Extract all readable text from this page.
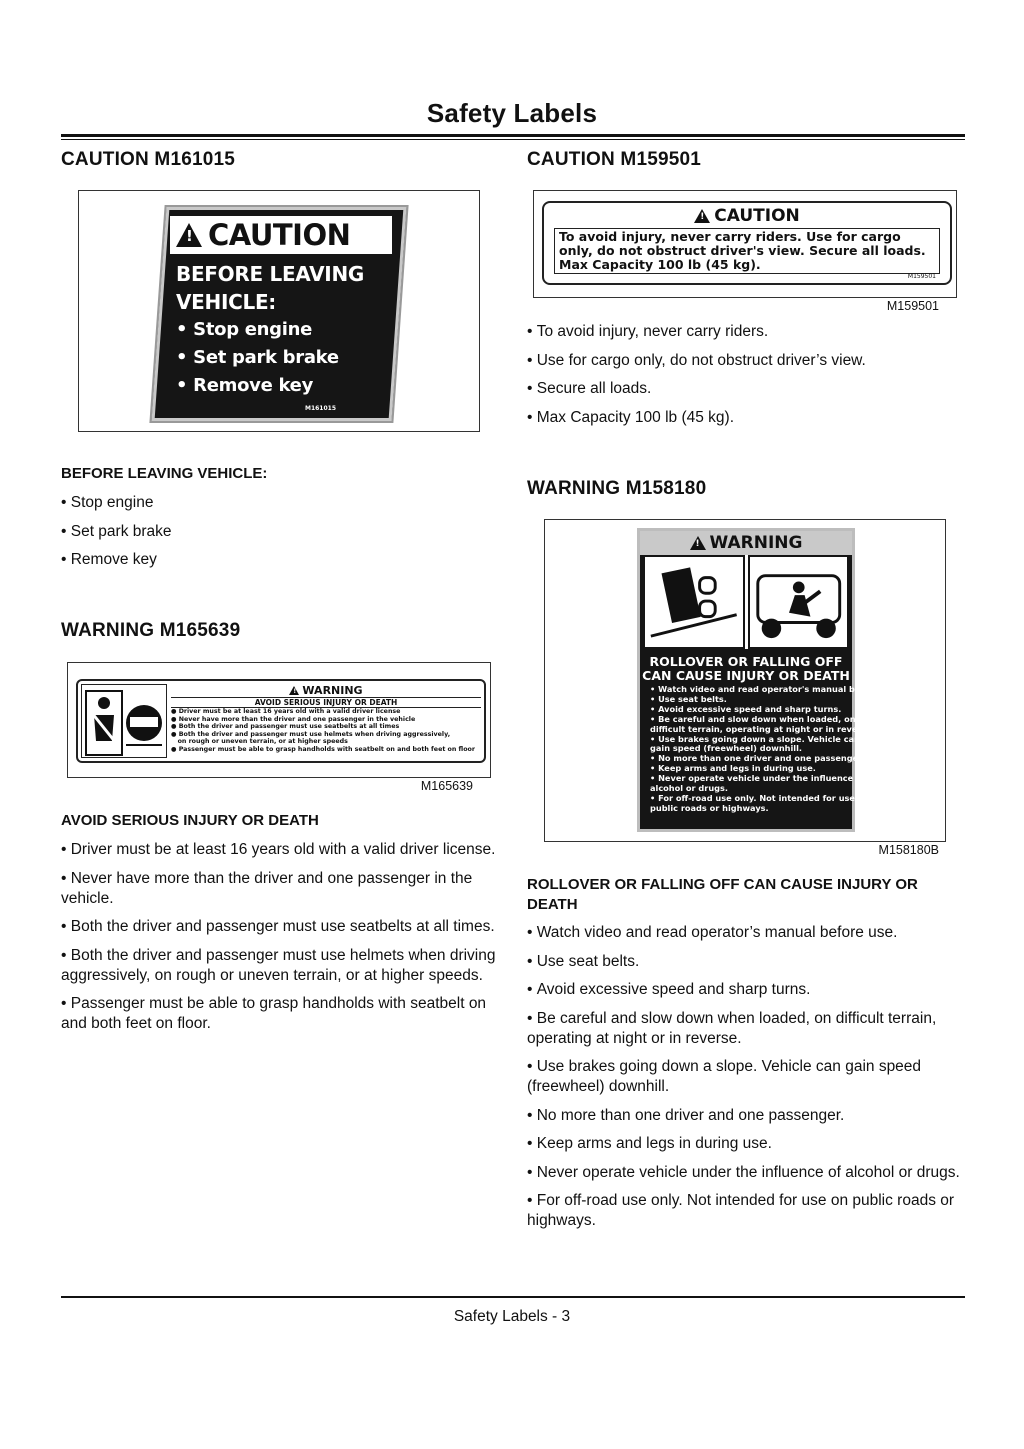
Safety Labels
CAUTION M161015
!
CAUTION
BEFORE LEAVING
VEHICLE:
• Stop engine
• Set park brake
• Remove key
M161015
BEFORE LEAVING VEHICLE:
• Stop engine
• Set park brake
• Remove key
WARNING M165639
!
WARNING
AVOID SERIOUS INJURY OR DEATH
● Driver must be at least 16 years old with a valid driver license
● Never have more than the driver and one passenger in the vehicle
● Both the driver and passenger must use seatbelts at all times
● Both the driver and passenger must use helmets when driving aggressively,
on rough or uneven terrain, or at higher speeds
● Passenger must be able to grasp handholds with seatbelt on and both feet on floor
M165639
AVOID SERIOUS INJURY OR DEATH
• Driver must be at least 16 years old with a valid driver license.
• Never have more than the driver and one passenger in the vehicle.
• Both the driver and passenger must use seatbelts at all times.
• Both the driver and passenger must use helmets when driving aggressively, on rough or uneven terrain, or at higher speeds.
• Passenger must be able to grasp handholds with seatbelt on and both feet on floor.
CAUTION M159501
!
CAUTION
To avoid injury, never carry riders. Use for cargo only, do not obstruct driver's view. Secure all loads. Max Capacity 100 lb (45 kg).
M159501
M159501
• To avoid injury, never carry riders.
• Use for cargo only, do not obstruct driver’s view.
• Secure all loads.
• Max Capacity 100 lb (45 kg).
WARNING M158180
!
WARNING
ROLLOVER OR FALLING OFF
CAN CAUSE INJURY OR DEATH
• Watch video and read operator's manual before use.
• Use seat belts.
• Avoid excessive speed and sharp turns.
• Be careful and slow down when loaded, on
difficult terrain, operating at night or in reverse.
• Use brakes going down a slope. Vehicle can
gain speed (freewheel) downhill.
• No more than one driver and one passenger.
• Keep arms and legs in during use.
• Never operate vehicle under the influence of
alcohol or drugs.
• For off-road use only. Not intended for use on
public roads or highways.
M158180B
ROLLOVER OR FALLING OFF CAN CAUSE INJURY OR DEATH
• Watch video and read operator’s manual before use.
• Use seat belts.
• Avoid excessive speed and sharp turns.
• Be careful and slow down when loaded, on difficult terrain, operating at night or in reverse.
• Use brakes going down a slope. Vehicle can gain speed (freewheel) downhill.
• No more than one driver and one passenger.
• Keep arms and legs in during use.
• Never operate vehicle under the influence of alcohol or drugs.
• For off-road use only. Not intended for use on public roads or highways.
Safety Labels - 3
